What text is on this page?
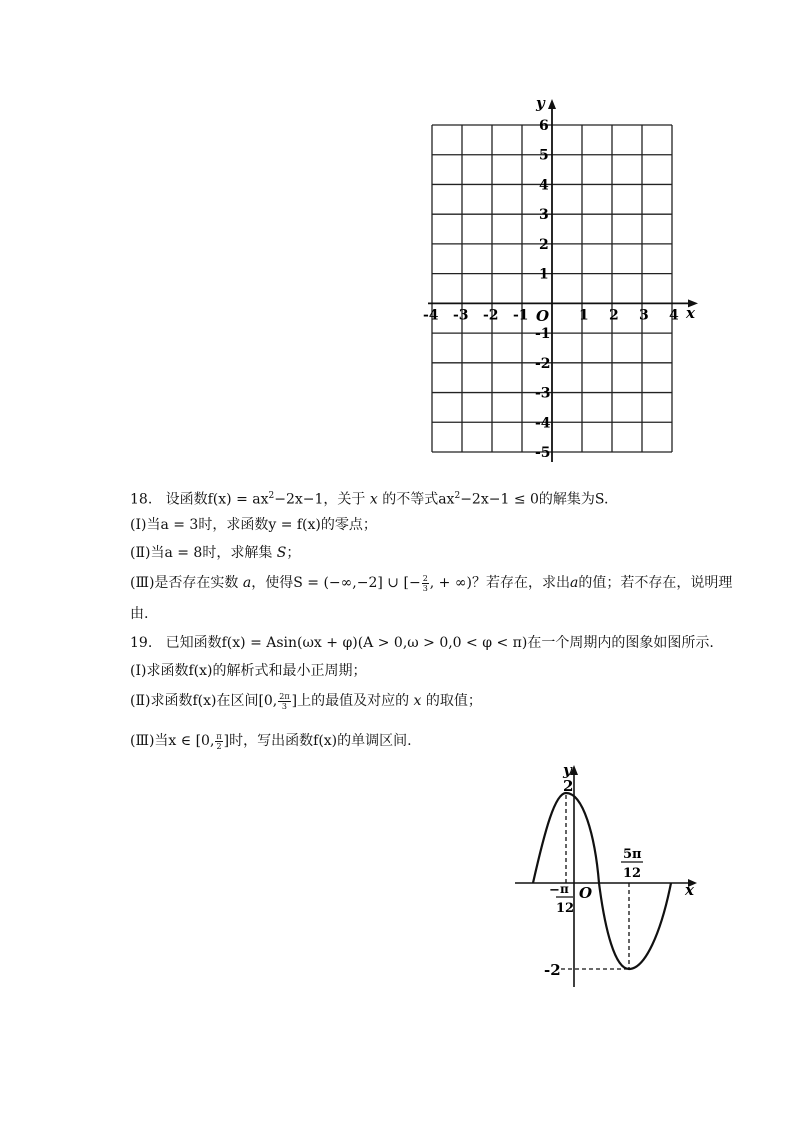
-4 -3 -2 -1	1 2 3 4
6
5
4
3
2
1
-1
-2
-3
-4
-5
y
x
O
18. 设函数$f(x) = ax^2-2x-1$，关于 x 的不等式$ax^2-2x-1 \le 0$的解集为S.
(Ⅰ)当a = 3时，求函数y = f(x)的零点；
(Ⅱ)当a = 8时，求解集 S；
(Ⅲ)是否存在实数 a，使得S = (−∞,−2] ∪ [− $\frac{2}{3}$ , + ∞)？若存在，求出a的值；若不存在，说明理
由.
19. 已知函数f(x) = Asin(ωx + φ)(A > 0,ω > 0,0 < φ < π)在一个周期内的图象如图所示.
(Ⅰ)求函数f(x)的解析式和最小正周期；
(Ⅱ)求函数f(x)在区间[0, $\frac{2\pi}{3}$ ]上的最值及对应的 x 的取值；
(Ⅲ)当x ∈ [0, $\frac{\pi}{2}$ ]时，写出函数f(x)的单调区间.
y
x
O
2
-2
− π
12
5π
12
